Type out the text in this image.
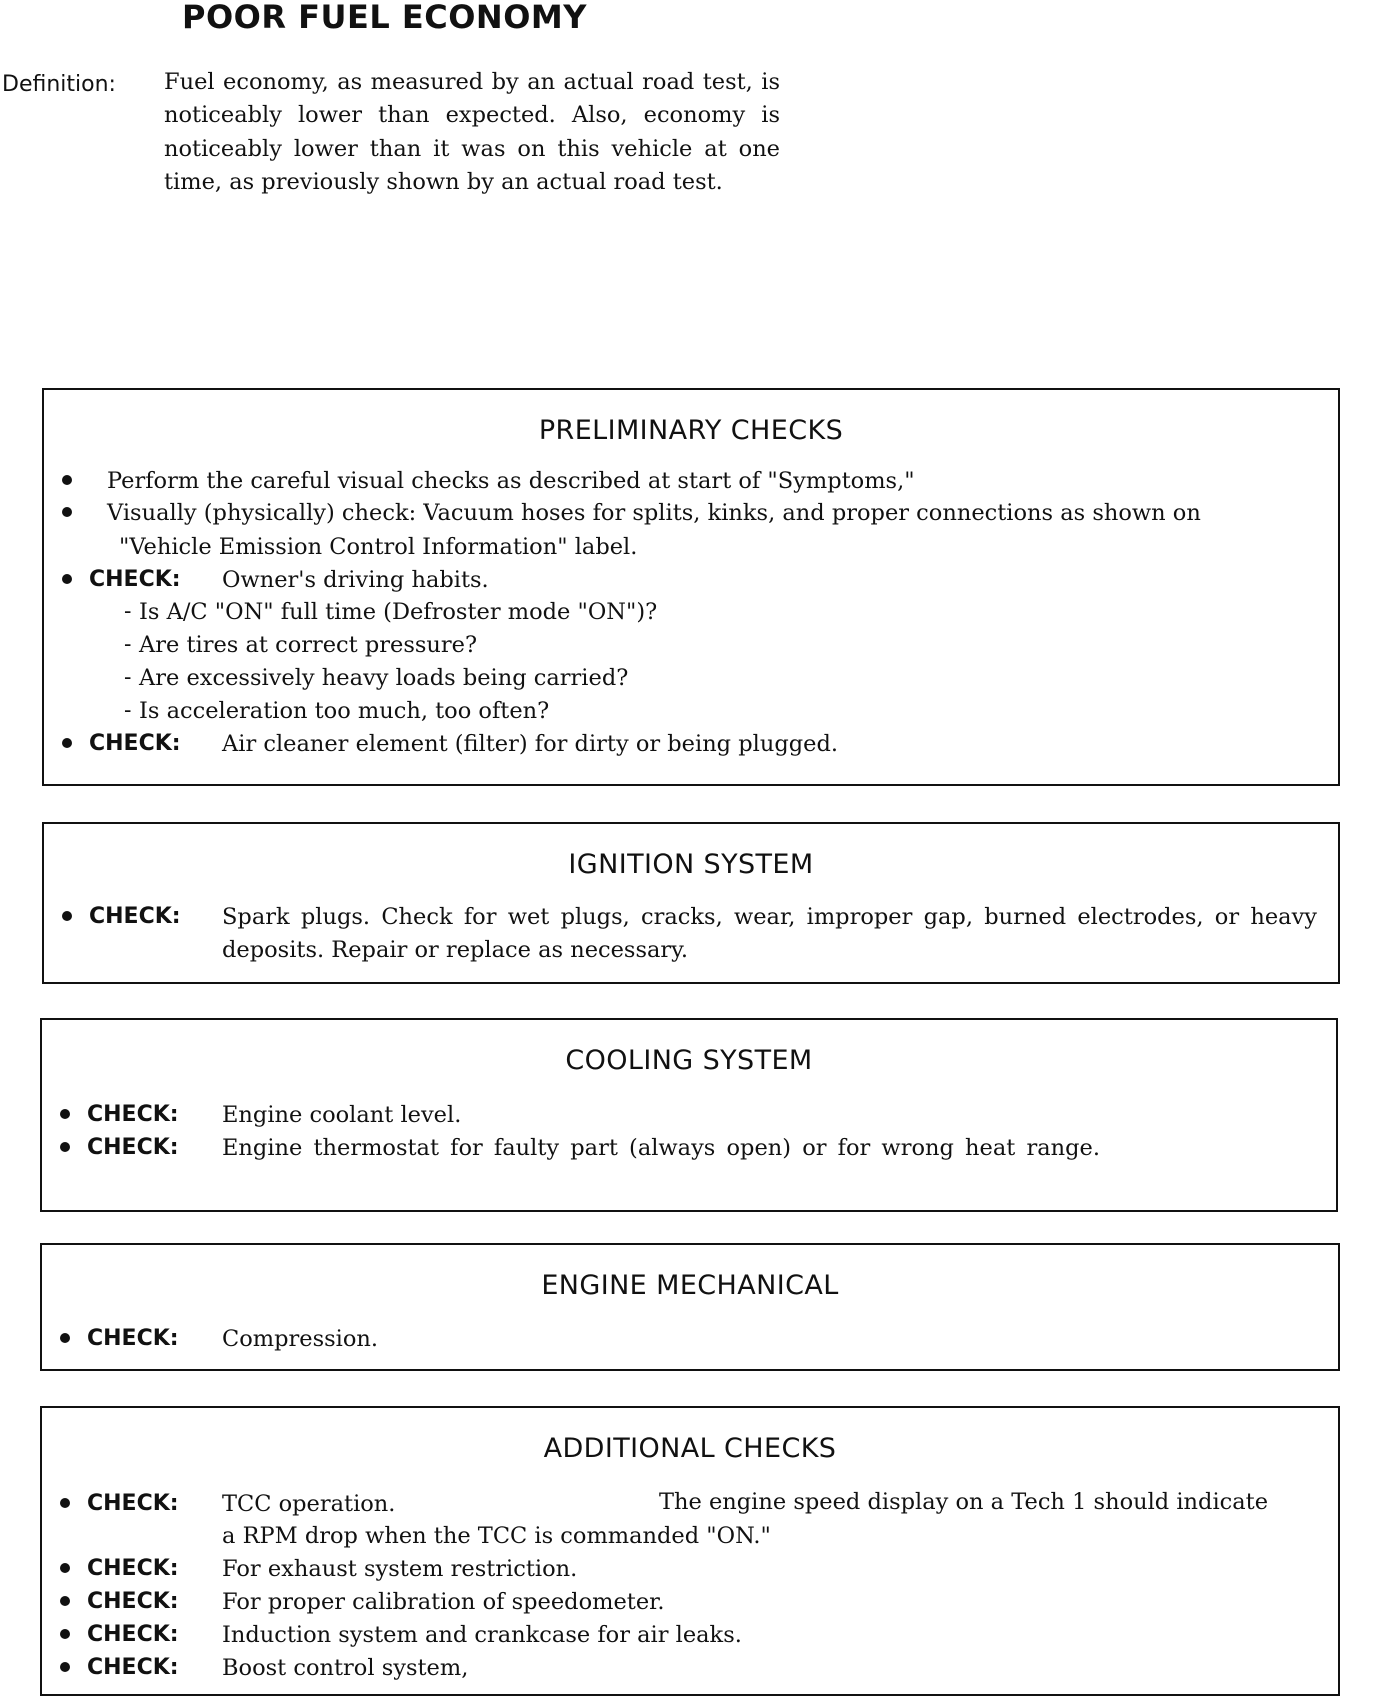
POOR FUEL ECONOMY
Definition: Fuel economy, as measured by an actual road test, is noticeably lower than expected. Also, economy is noticeably lower than it was on this vehicle at one time, as previously shown by an actual road test.
PRELIMINARY CHECKS
Perform the careful visual checks as described at start of "Symptoms,"
Visually (physically) check: Vacuum hoses for splits, kinks, and proper connections as shown on
"Vehicle Emission Control Information" label.
CHECK: Owner's driving habits.
- Is A/C "ON" full time (Defroster mode "ON")?
- Are tires at correct pressure?
- Are excessively heavy loads being carried?
- Is acceleration too much, too often?
CHECK: Air cleaner element (filter) for dirty or being plugged.
IGNITION SYSTEM
CHECK: Spark plugs. Check for wet plugs, cracks, wear, improper gap, burned electrodes, or heavy deposits. Repair or replace as necessary.
COOLING SYSTEM
CHECK: Engine coolant level.
CHECK: Engine thermostat for faulty part (always open) or for wrong heat range.
ENGINE MECHANICAL
CHECK: Compression.
ADDITIONAL CHECKS
CHECK: TCC operation.	The engine speed display on a Tech 1 should indicate
a RPM drop when the TCC is commanded "ON."
CHECK: For exhaust system restriction.
CHECK: For proper calibration of speedometer.
CHECK: Induction system and crankcase for air leaks.
CHECK: Boost control system,
